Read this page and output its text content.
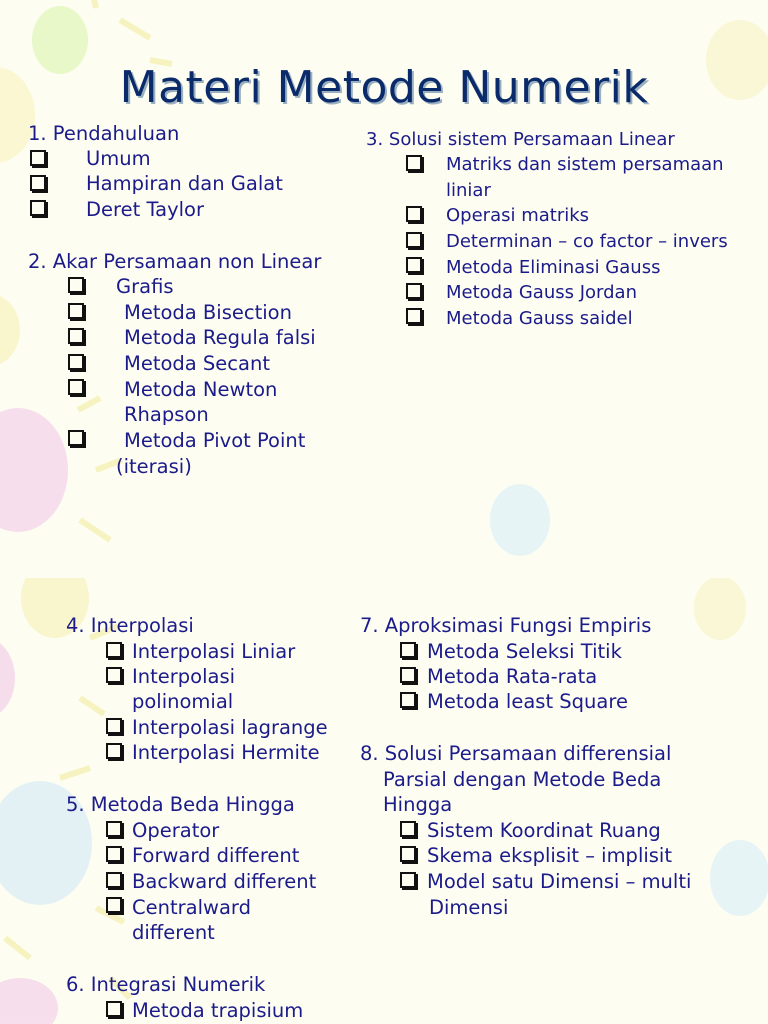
Materi Metode Numerik
1. Pendahuluan
Umum
Hampiran dan Galat
Deret Taylor
2. Akar Persamaan non Linear
Grafis
Metoda Bisection
Metoda Regula falsi
Metoda Secant
Metoda Newton
Rhapson
Metoda Pivot Point
(iterasi)
3. Solusi sistem Persamaan Linear
Matriks dan sistem persamaan
liniar
Operasi matriks
Determinan – co factor – invers
Metoda Eliminasi Gauss
Metoda Gauss Jordan
Metoda Gauss saidel
4. Interpolasi
Interpolasi Liniar
Interpolasi
polinomial
Interpolasi lagrange
Interpolasi Hermite
5. Metoda Beda Hingga
Operator
Forward different
Backward different
Centralward
different
6. Integrasi Numerik
Metoda trapisium
7. Aproksimasi Fungsi Empiris
Metoda Seleksi Titik
Metoda Rata-rata
Metoda least Square
8. Solusi Persamaan differensial
Parsial dengan Metode Beda
Hingga
Sistem Koordinat Ruang
Skema eksplisit – implisit
Model satu Dimensi – multi
Dimensi
